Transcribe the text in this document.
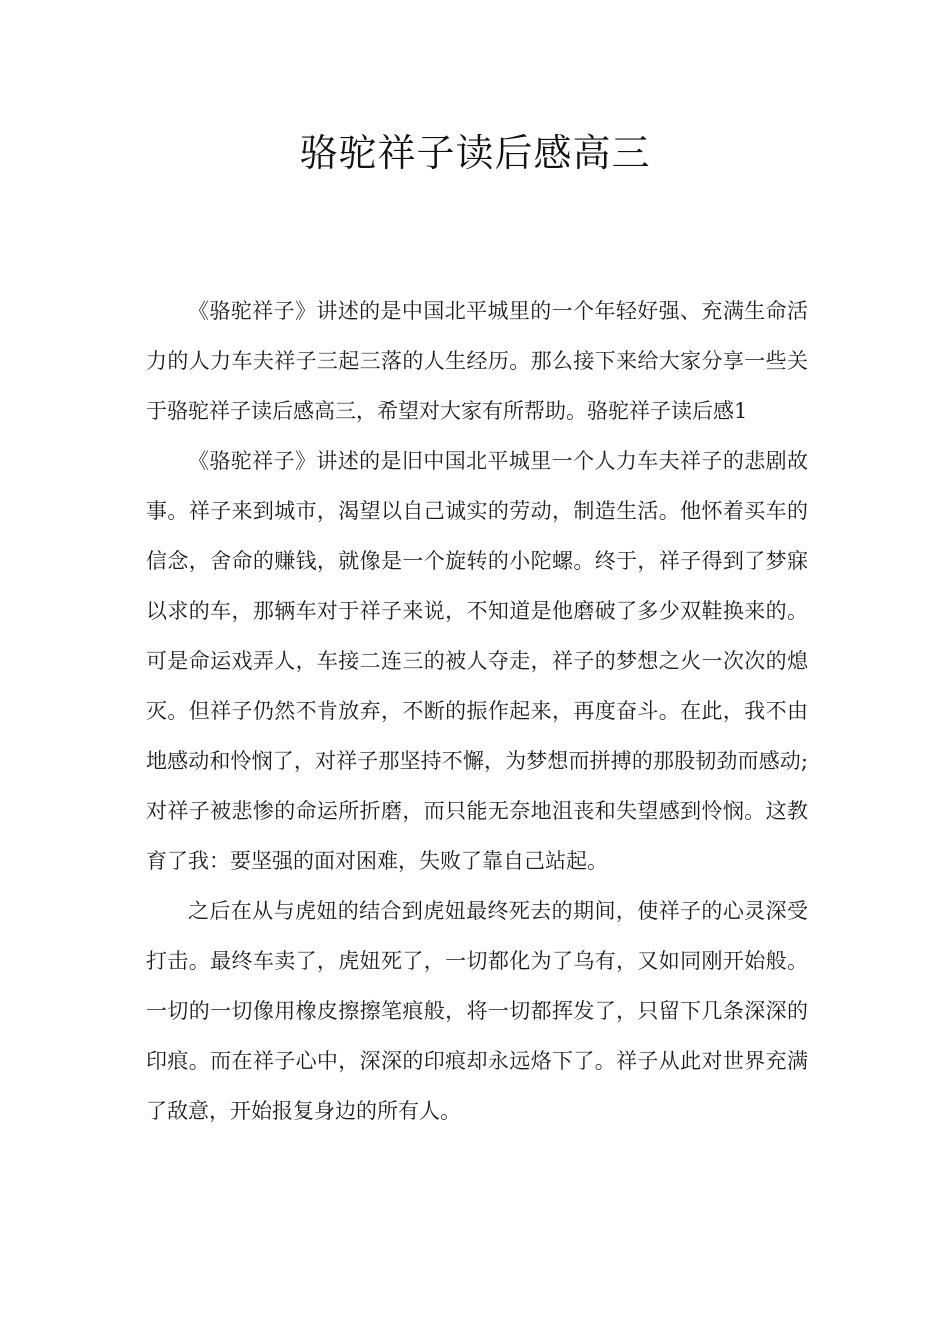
骆驼祥子读后感高三

《骆驼祥子》讲述的是中国北平城里的一个年轻好强、充满生命活力的人力车夫祥子三起三落的人生经历。那么接下来给大家分享一些关于骆驼祥子读后感高三，希望对大家有所帮助。骆驼祥子读后感1

《骆驼祥子》讲述的是旧中国北平城里一个人力车夫祥子的悲剧故事。祥子来到城市，渴望以自己诚实的劳动，制造生活。他怀着买车的信念，舍命的赚钱，就像是一个旋转的小陀螺。终于，祥子得到了梦寐以求的车，那辆车对于祥子来说，不知道是他磨破了多少双鞋换来的。可是命运戏弄人，车接二连三的被人夺走，祥子的梦想之火一次次的熄灭。但祥子仍然不肯放弃，不断的振作起来，再度奋斗。在此，我不由地感动和怜悯了，对祥子那坚持不懈，为梦想而拼搏的那股韧劲而感动;对祥子被悲惨的命运所折磨，而只能无奈地沮丧和失望感到怜悯。这教育了我：要坚强的面对困难，失败了靠自己站起。

之后在从与虎妞的结合到虎妞最终死去的期间，使祥子的心灵深受打击。最终车卖了，虎妞死了，一切都化为了乌有，又如同刚开始般。一切的一切像用橡皮擦擦笔痕般，将一切都挥发了，只留下几条深深的印痕。而在祥子心中，深深的印痕却永远烙下了。祥子从此对世界充满了敌意，开始报复身边的所有人。
